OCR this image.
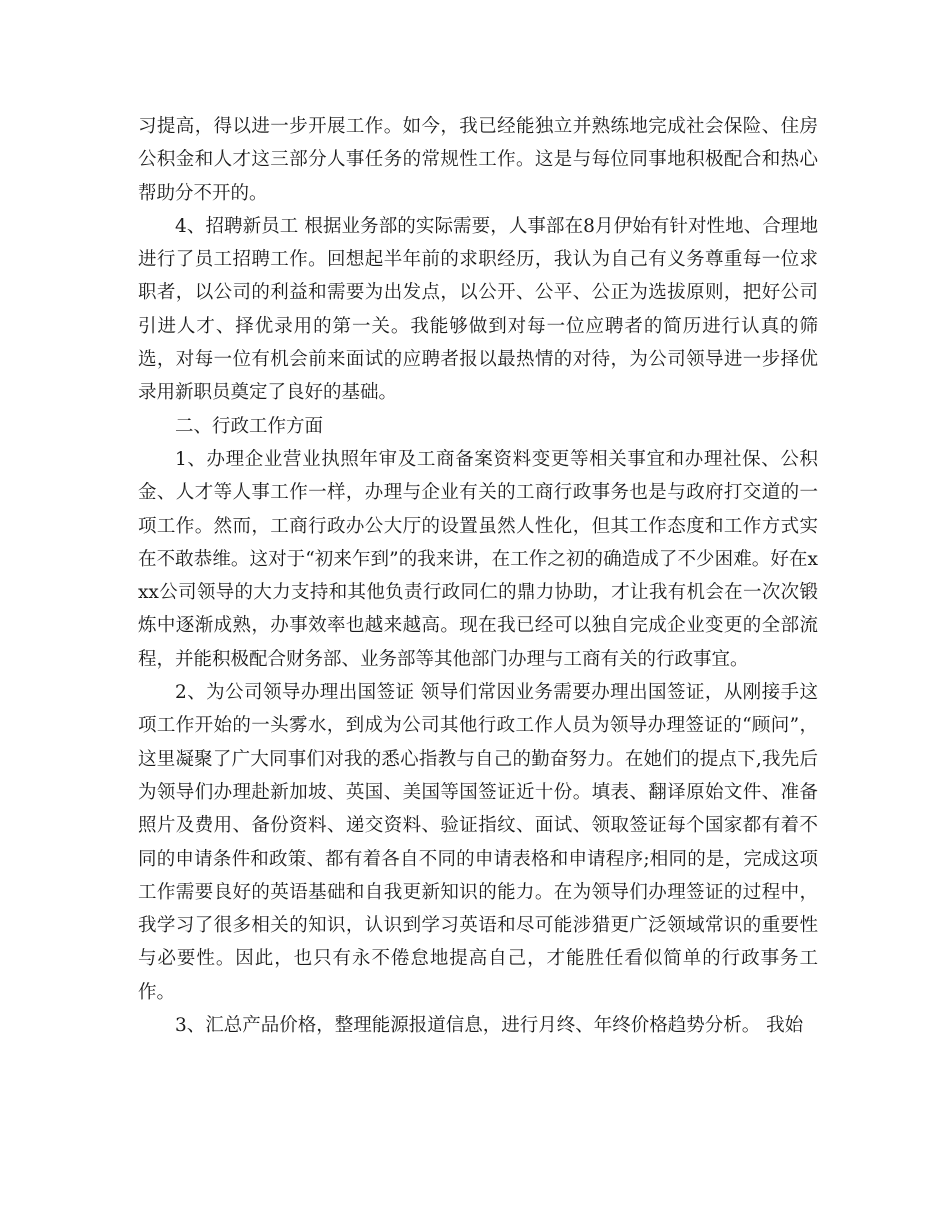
习提高，得以进一步开展工作。如今，我已经能独立并熟练地完成社会保险、住房公积金和人才这三部分人事任务的常规性工作。这是与每位同事地积极配合和热心帮助分不开的。

4、招聘新员工 根据业务部的实际需要，人事部在8月伊始有针对性地、合理地进行了员工招聘工作。回想起半年前的求职经历，我认为自己有义务尊重每一位求职者，以公司的利益和需要为出发点，以公开、公平、公正为选拔原则，把好公司引进人才、择优录用的第一关。我能够做到对每一位应聘者的简历进行认真的筛选，对每一位有机会前来面试的应聘者报以最热情的对待，为公司领导进一步择优录用新职员奠定了良好的基础。

二、行政工作方面

1、办理企业营业执照年审及工商备案资料变更等相关事宜和办理社保、公积金、人才等人事工作一样，办理与企业有关的工商行政事务也是与政府打交道的一项工作。然而，工商行政办公大厅的设置虽然人性化，但其工作态度和工作方式实在不敢恭维。这对于“初来乍到”的我来讲，在工作之初的确造成了不少困难。好在xxx公司领导的大力支持和其他负责行政同仁的鼎力协助，才让我有机会在一次次锻炼中逐渐成熟，办事效率也越来越高。现在我已经可以独自完成企业变更的全部流程，并能积极配合财务部、业务部等其他部门办理与工商有关的行政事宜。

2、为公司领导办理出国签证 领导们常因业务需要办理出国签证，从刚接手这项工作开始的一头雾水，到成为公司其他行政工作人员为领导办理签证的“顾问”，这里凝聚了广大同事们对我的悉心指教与自己的勤奋努力。在她们的提点下,我先后为领导们办理赴新加坡、英国、美国等国签证近十份。填表、翻译原始文件、准备照片及费用、备份资料、递交资料、验证指纹、面试、领取签证每个国家都有着不同的申请条件和政策、都有着各自不同的申请表格和申请程序;相同的是，完成这项工作需要良好的英语基础和自我更新知识的能力。在为领导们办理签证的过程中，我学习了很多相关的知识，认识到学习英语和尽可能涉猎更广泛领域常识的重要性与必要性。因此，也只有永不倦怠地提高自己，才能胜任看似简单的行政事务工作。

3、汇总产品价格，整理能源报道信息，进行月终、年终价格趋势分析。 我始
